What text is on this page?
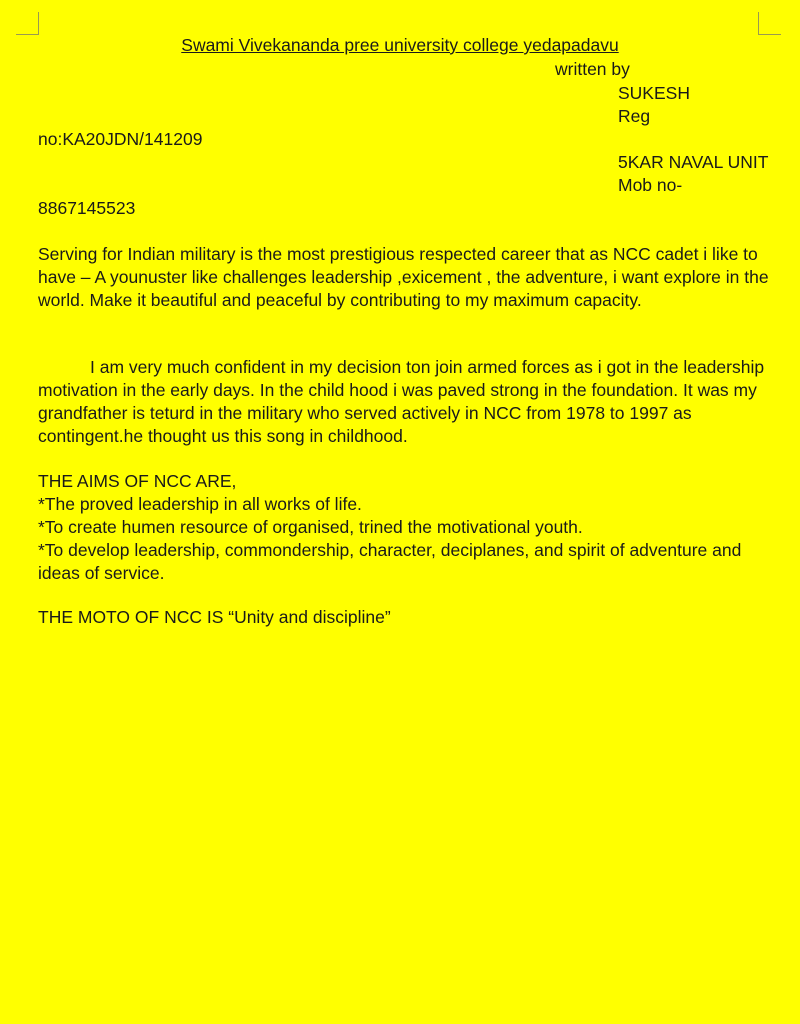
Swami Vivekananda pree university college yedapadavu
written by
SUKESH
Reg
no:KA20JDN/141209
5KAR NAVAL UNIT
Mob no-
8867145523
Serving for Indian military is the most prestigious respected career that as NCC cadet i like to have – A younuster like challenges leadership ,exicement , the adventure, i want explore in the world. Make it beautiful and peaceful by contributing to my maximum capacity.
I am very much confident in my decision ton join armed forces as i got in the leadership motivation in the early days. In the child hood i was paved strong in the foundation. It was my grandfather is teturd in the military who served actively in NCC from 1978 to 1997 as contingent.he thought us this song in childhood.
THE AIMS OF NCC ARE,
*The proved leadership in all works of life.
*To create humen resource of organised, trined the motivational youth.
*To develop leadership, commondership, character, deciplanes, and spirit of adventure and ideas of service.
THE MOTO OF NCC IS “Unity and discipline”
